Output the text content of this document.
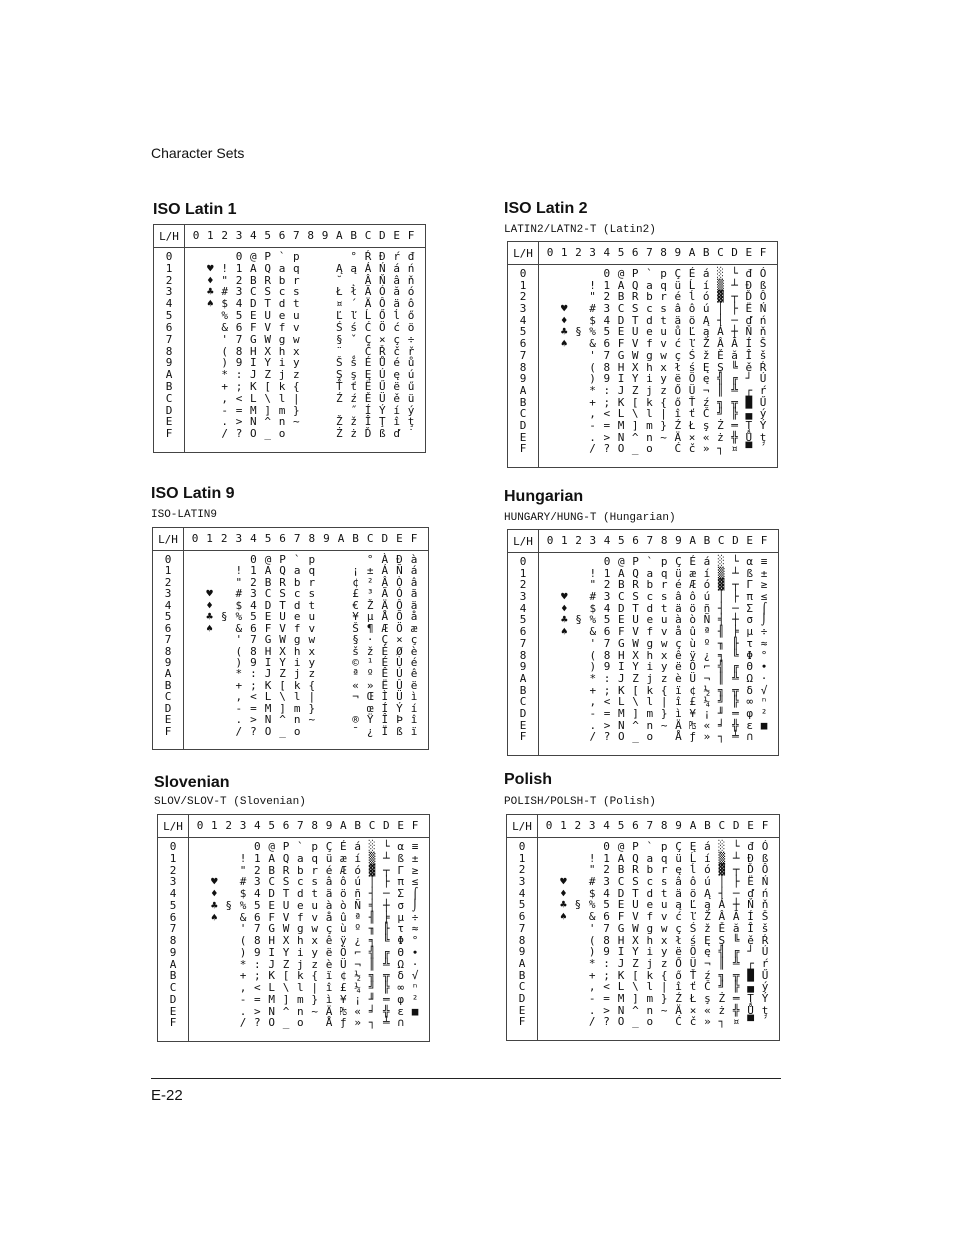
Character Sets
ISO Latin 1
L/H 0 1 2 3 4 5 6 7 8 9 A B C D E F
0
1
2
3
4
5
6
7
8
9
A
B
C
D
E
F
♥
♦
♣
♠
!
"
#
$
%
&
'
(
)
*
+
,
-
.
/
0
1
2
3
4
5
6
7
8
9
:
;
<
=
>
?
@
A
B
C
D
E
F
G
H
I
J
K
L
M
N
O
P
Q
R
S
T
U
V
W
X
Y
Z
[
\
]
^
_
`
a
b
c
d
e
f
g
h
i
j
k
l
m
n
o
p
q
r
s
t
u
v
w
x
y
z
{
|
}
~
Ą
˘
Ł
¤
Ľ
Ś
§
¨
Š
Ş
Ť
Ź
Ž
Ż
°
ą
˛
ł
´
ľ
ś
ˇ
¸
š
ş
ť
ź
˝
ž
ż
Ŕ
Á
Â
Ă
Ä
Ĺ
Ć
Ç
Č
É
Ę
Ë
Ě
Í
Î
Ď
Đ
Ń
Ň
Ó
Ô
Ő
Ö
×
Ř
Ů
Ú
Ű
Ü
Ý
Ţ
ß
ŕ
á
â
ă
ä
ĺ
ć
ç
č
é
ę
ë
ě
í
î
ď
đ
ń
ň
ó
ô
ő
ö
÷
ř
ů
ú
ű
ü
ý
ţ
˙
ISO Latin 2
LATIN2/LATN2-T (Latin2)
L/H 0 1 2 3 4 5 6 7 8 9 A B C D E F
0
1
2
3
4
5
6
7
8
9
A
B
C
D
E
F
♥
♦
♣
♠
§
!
"
#
$
%
&
'
(
)
*
+
,
-
.
/
0
1
2
3
4
5
6
7
8
9
:
;
<
=
>
?
@
A
B
C
D
E
F
G
H
I
J
K
L
M
N
O
P
Q
R
S
T
U
V
W
X
Y
Z
[
\
]
^
_
`
a
b
c
d
e
f
g
h
i
j
k
l
m
n
o
p
q
r
s
t
u
v
w
x
y
z
{
|
}
~
Ç
ü
é
â
ä
ů
ć
ç
ł
ë
Ő
ő
î
Ź
Ä
Ć
É
Ĺ
ĺ
ô
ö
Ľ
ľ
Ś
ś
Ö
Ü
Ť
ť
Ł
×
č
á
í
ó
ú
Ą
ą
Ž
ž
Ę
ę
¬
ź
Č
ş
«
»
░
▒
▓
│
┤
Á
Â
Ě
Ş
╣
║
╗
╝
Ż
ż
┐
└
┴
┬
├
─
┼
Ă
ă
╚
╔
╩
╦
╠
═
╬
¤
đ
Đ
Ď
Ë
ď
Ň
Í
Î
ě
┘
┌
█
▄
Ţ
Ů
▀
Ó
ß
Ô
Ń
ń
ň
Š
š
Ŕ
Ú
ŕ
Ű
ý
Ý
ţ
´
ISO Latin 9
ISO-LATIN9
L/H 0 1 2 3 4 5 6 7 8 9 A B C D E F
0
1
2
3
4
5
6
7
8
9
A
B
C
D
E
F
♥
♦
♣
♠
§
!
"
#
$
%
&
'
(
)
*
+
,
-
.
/
0
1
2
3
4
5
6
7
8
9
:
;
<
=
>
?
@
A
B
C
D
E
F
G
H
I
J
K
L
M
N
O
P
Q
R
S
T
U
V
W
X
Y
Z
[
\
]
^
_
`
a
b
c
d
e
f
g
h
i
j
k
l
m
n
o
p
q
r
s
t
u
v
w
x
y
z
{
|
}
~
¡
¢
£
€
¥
Š
§
š
©
ª
«
¬
®
¯
°
±
²
³
Ž
µ
¶
·
ž
¹
º
»
Œ
œ
Ÿ
¿
À
Á
Â
Ã
Ä
Å
Æ
Ç
È
É
Ê
Ë
Ì
Í
Î
Ï
Ð
Ñ
Ò
Ó
Ô
Õ
Ö
×
Ø
Ù
Ú
Û
Ü
Ý
Þ
ß
à
á
â
ã
ä
å
æ
ç
è
é
ê
ë
ì
í
î
ï
Hungarian
HUNGARY/HUNG-T (Hungarian)
L/H 0 1 2 3 4 5 6 7 8 9 A B C D E F
0
1
2
3
4
5
6
7
8
9
A
B
C
D
E
F
♥
♦
♣
♠
§
!
"
#
$
%
&
'
(
)
*
+
,
-
.
/
0
1
2
3
4
5
6
7
8
9
:
;
<
=
>
?
@
A
B
C
D
E
F
G
H
I
J
K
L
M
N
O
P
Q
R
S
T
U
V
W
X
Y
Z
[
\
]
^
_
`
a
b
c
d
e
f
g
h
i
j
k
l
m
n
o
p
q
r
s
t
u
v
w
x
y
z
{
|
}
~
Ç
ü
é
â
ä
à
å
ç
ê
ë
è
ï
î
ì
Ä
Å
É
æ
Æ
ô
ö
ò
û
ù
ÿ
Ö
Ü
¢
£
¥
₧
ƒ
á
í
ó
ú
ñ
Ñ
ª
º
¿
⌐
¬
½
¼
¡
«
»
░
▒
▓
│
┤
╡
╢
╖
╕
╣
║
╗
╝
╜
╛
┐
└
┴
┬
├
─
┼
╞
╟
╚
╔
╩
╦
╠
═
╬
╧
α
ß
Γ
π
Σ
σ
µ
τ
Φ
Θ
Ω
δ
∞
φ
ε
∩
≡
±
≥
≤
⌠
⌡
÷
≈
°
∙
·
√
ⁿ
²
■
Slovenian
SLOV/SLOV-T (Slovenian)
L/H 0 1 2 3 4 5 6 7 8 9 A B C D E F
0
1
2
3
4
5
6
7
8
9
A
B
C
D
E
F
♥
♦
♣
♠
§
!
"
#
$
%
&
'
(
)
*
+
,
-
.
/
0
1
2
3
4
5
6
7
8
9
:
;
<
=
>
?
@
A
B
C
D
E
F
G
H
I
J
K
L
M
N
O
P
Q
R
S
T
U
V
W
X
Y
Z
[
\
]
^
_
`
a
b
c
d
e
f
g
h
i
j
k
l
m
n
o
p
q
r
s
t
u
v
w
x
y
z
{
|
}
~
Ç
ü
é
â
ä
à
å
ç
ê
ë
è
ï
î
ì
Ä
Å
É
æ
Æ
ô
ö
ò
û
ù
ÿ
Ö
Ü
¢
£
¥
₧
ƒ
á
í
ó
ú
ñ
Ñ
ª
º
¿
⌐
¬
½
¼
¡
«
»
░
▒
▓
│
┤
╡
╢
╖
╕
╣
║
╗
╝
╜
╛
┐
└
┴
┬
├
─
┼
╞
╟
╚
╔
╩
╦
╠
═
╬
╧
α
ß
Γ
π
Σ
σ
µ
τ
Φ
Θ
Ω
δ
∞
φ
ε
∩
≡
±
≥
≤
⌠
⌡
÷
≈
°
∙
·
√
ⁿ
²
■
Polish
POLISH/POLSH-T (Polish)
L/H 0 1 2 3 4 5 6 7 8 9 A B C D E F
0
1
2
3
4
5
6
7
8
9
A
B
C
D
E
F
♥
♦
♣
♠
§
!
"
#
$
%
&
'
(
)
*
+
,
-
.
/
0
1
2
3
4
5
6
7
8
9
:
;
<
=
>
?
@
A
B
C
D
E
F
G
H
I
J
K
L
M
N
O
P
Q
R
S
T
U
V
W
X
Y
Z
[
\
]
^
_
`
a
b
c
d
e
f
g
h
i
j
k
l
m
n
o
p
q
r
s
t
u
v
w
x
y
z
{
|
}
~
Ç
ü
ę
â
ä
ą
ć
ç
ł
ë
Ő
ő
î
Ź
Ä
Ć
Ę
Ĺ
ĺ
ô
ö
Ľ
ľ
Ś
ś
Ö
Ü
Ť
ť
Ł
×
č
á
í
ó
ú
Ą
ą
Ž
ž
Ę
ę
¬
ź
Č
ş
«
»
░
▒
▓
│
┤
Á
Â
Ě
Ş
╣
║
╗
╝
Ż
ż
┐
└
┴
┬
├
─
┼
Ă
ă
╚
╔
╩
╦
╠
═
╬
¤
đ
Đ
Ď
Ë
ď
Ň
Í
Î
ě
┘
┌
█
▄
Ţ
Ů
▀
Ó
ß
Ô
Ń
ń
ň
Š
š
Ŕ
Ú
ŕ
Ű
ý
Ý
ţ
´
E-22
